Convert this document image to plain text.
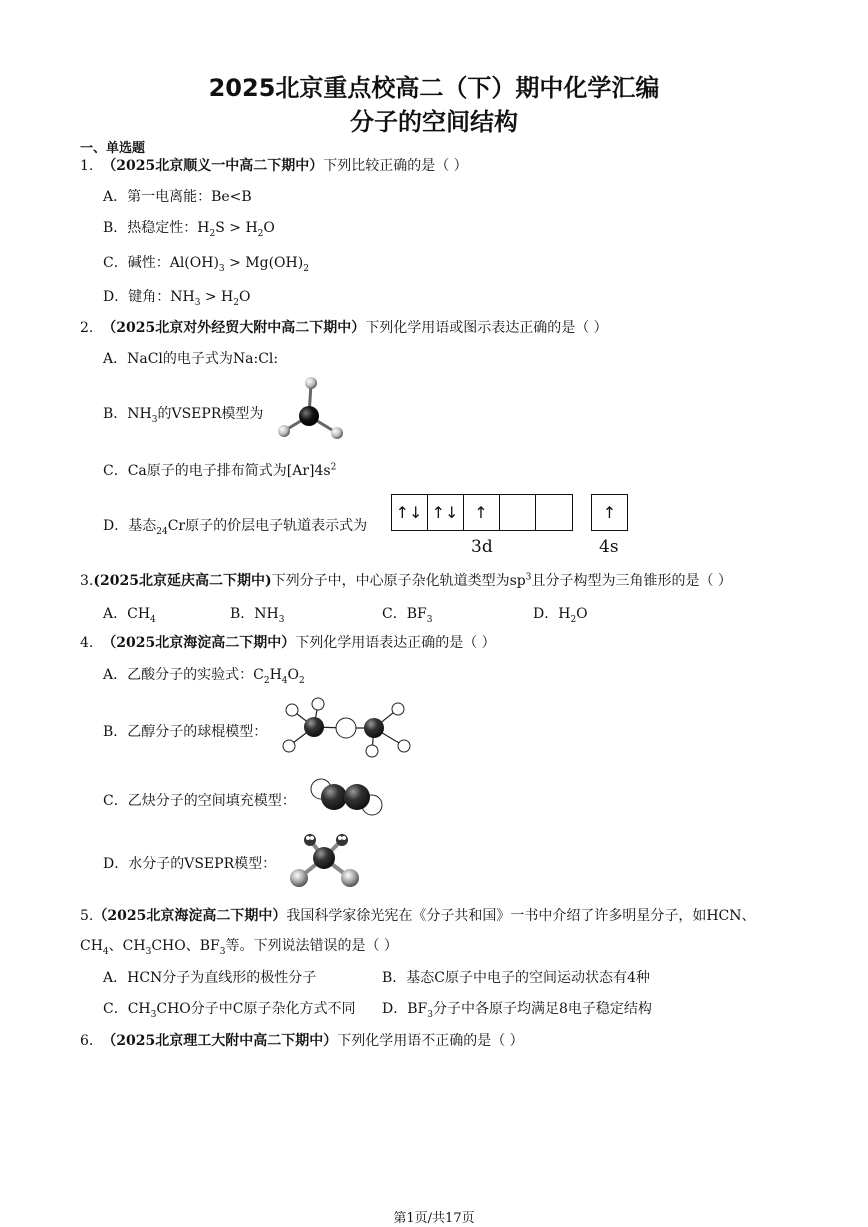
2025北京重点校高二（下）期中化学汇编
分子的空间结构
一、单选题
1. （2025北京顺义一中高二下期中）下列比较正确的是（ ）
A．第一电离能：Be<B
B．热稳定性：$H_2S > H_2O$
C．碱性：$Al(OH)_3 > Mg(OH)_2$
D．键角：$NH_3 > H_2O$
2. （2025北京对外经贸大附中高二下期中）下列化学用语或图示表达正确的是（ ）
A．NaCl的电子式为Na:Cl:
B．$NH_3$的VSEPR模型为
C．Ca原子的电子排布简式为$[Ar]4s^2$
D．基态$_{24}$Cr原子的价层电子轨道表示式为
↑↓ ↑↓ ↑	↑
3d	4s
3.(2025北京延庆高二下期中)下列分子中，中心原子杂化轨道类型为$sp^3$且分子构型为三角锥形的是（ ）
A．$CH_4$	B．$NH_3$	C．$BF_3$	D．$H_2O$
4. （2025北京海淀高二下期中）下列化学用语表达正确的是（ ）
A．乙酸分子的实验式：$C_2H_4O_2$
B．乙醇分子的球棍模型：
C．乙炔分子的空间填充模型：
D．水分子的VSEPR模型：
5.（2025北京海淀高二下期中）我国科学家徐光宪在《分子共和国》一书中介绍了许多明星分子，如HCN、
$CH_4$、$CH_3CHO$、$BF_3$等。下列说法错误的是（ ）
A．HCN分子为直线形的极性分子	B．基态C原子中电子的空间运动状态有4种
C．$CH_3CHO$分子中C原子杂化方式不同 D．$BF_3$分子中各原子均满足8电子稳定结构
6. （2025北京理工大附中高二下期中）下列化学用语不正确的是（ ）
第1页/共17页
